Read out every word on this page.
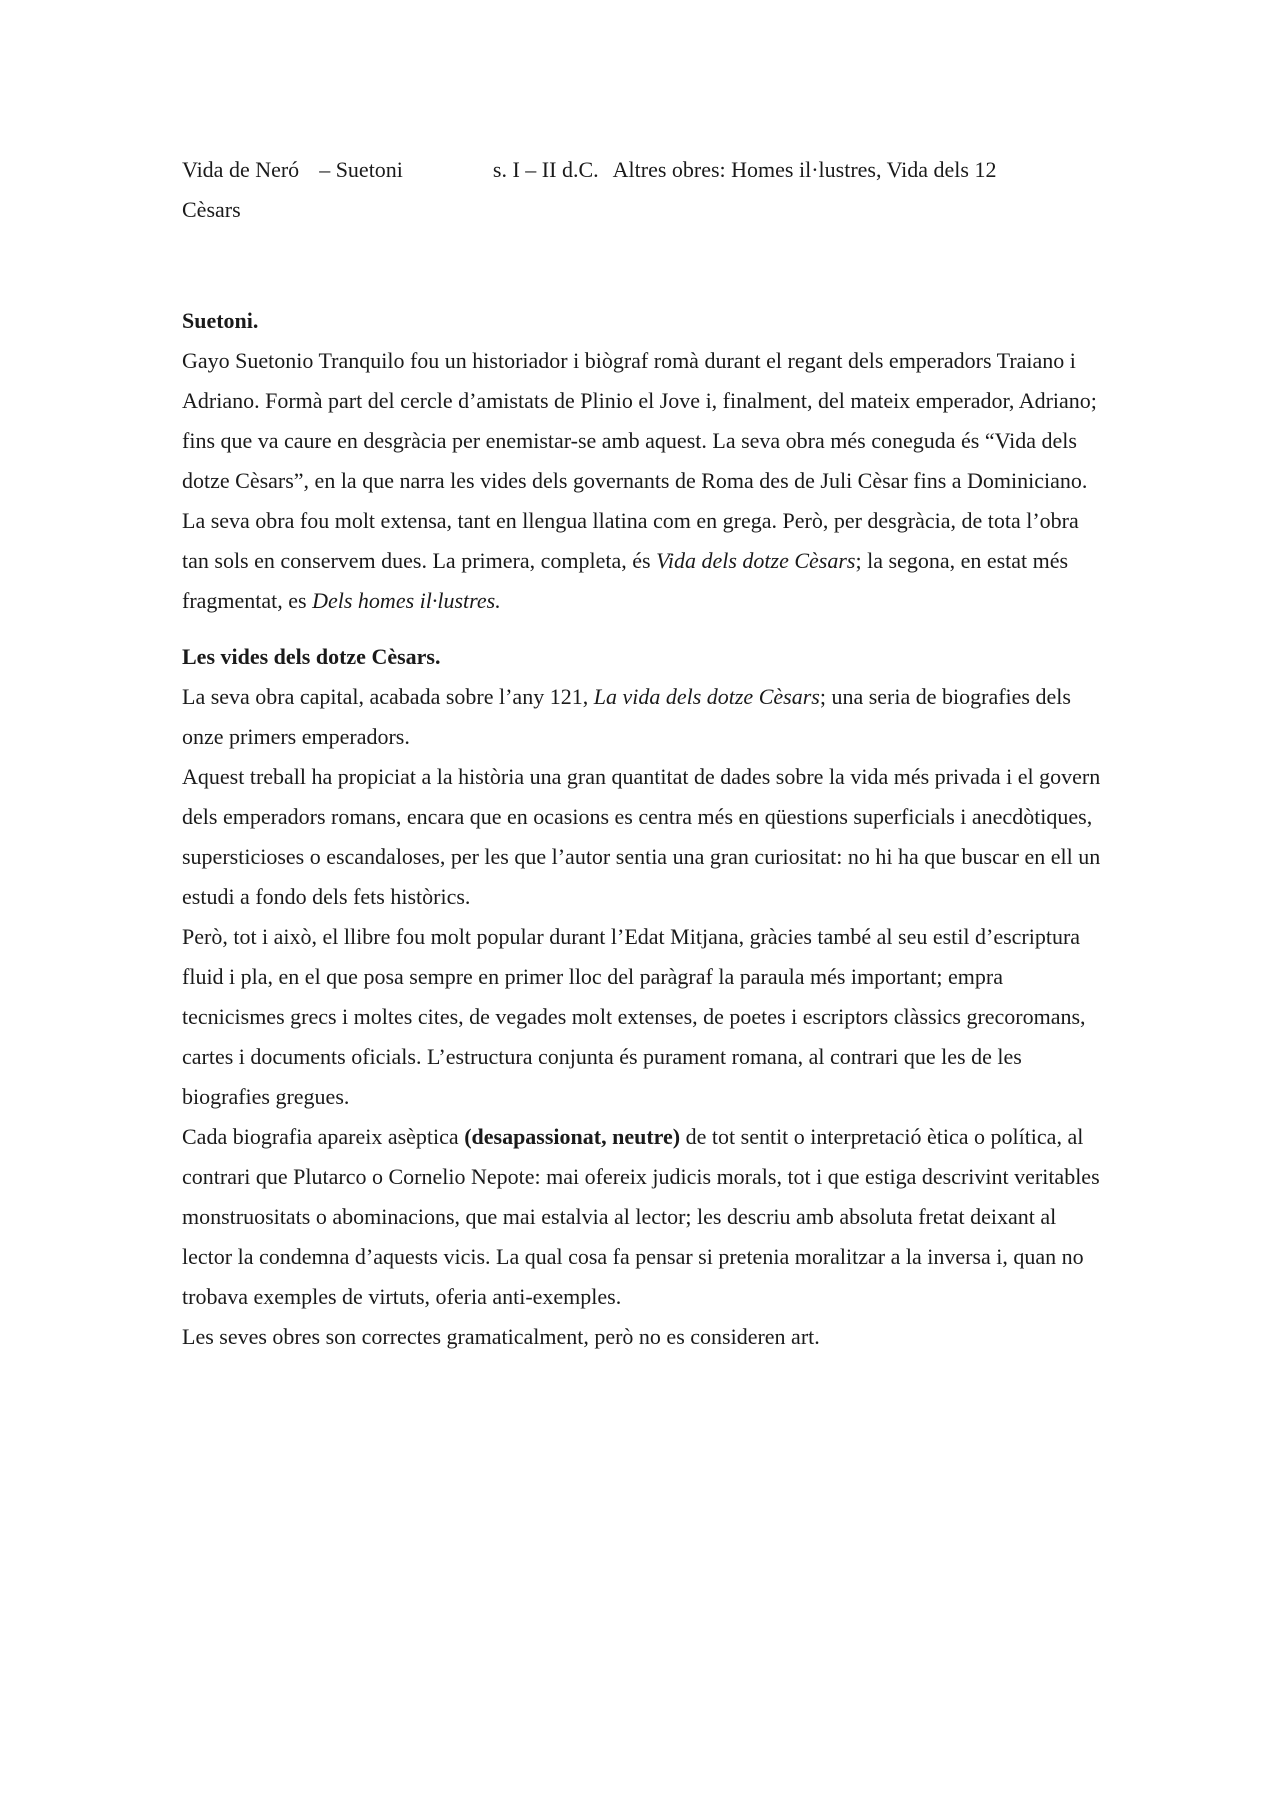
Vida de Neró – Suetoni	s. I – II d.C. Altres obres: Homes il·lustres, Vida dels 12
Cèsars

Suetoni.

Gayo Suetonio Tranquilo fou un historiador i biògraf romà durant el regant dels emperadors Traiano i Adriano. Formà part del cercle d’amistats de Plinio el Jove i, finalment, del mateix emperador, Adriano; fins que va caure en desgràcia per enemistar-se amb aquest. La seva obra més coneguda és “Vida dels dotze Cèsars”, en la que narra les vides dels governants de Roma des de Juli Cèsar fins a Dominiciano.

La seva obra fou molt extensa, tant en llengua llatina com en grega. Però, per desgràcia, de tota l’obra tan sols en conservem dues. La primera, completa, és Vida dels dotze Cèsars; la segona, en estat més fragmentat, es Dels homes il·lustres.

Les vides dels dotze Cèsars.

La seva obra capital, acabada sobre l’any 121, La vida dels dotze Cèsars; una seria de biografies dels onze primers emperadors.

Aquest treball ha propiciat a la història una gran quantitat de dades sobre la vida més privada i el govern dels emperadors romans, encara que en ocasions es centra més en qüestions superficials i anecdòtiques, supersticioses o escandaloses, per les que l’autor sentia una gran curiositat: no hi ha que buscar en ell un estudi a fondo dels fets històrics.

Però, tot i això, el llibre fou molt popular durant l’Edat Mitjana, gràcies també al seu estil d’escriptura fluid i pla, en el que posa sempre en primer lloc del paràgraf la paraula més important; empra tecnicismes grecs i moltes cites, de vegades molt extenses, de poetes i escriptors clàssics grecoromans, cartes i documents oficials. L’estructura conjunta és purament romana, al contrari que les de les biografies gregues.

Cada biografia apareix asèptica (desapassionat, neutre) de tot sentit o interpretació ètica o política, al contrari que Plutarco o Cornelio Nepote: mai ofereix judicis morals, tot i que estiga descrivint veritables monstruositats o abominacions, que mai estalvia al lector; les descriu amb absoluta fretat deixant al lector la condemna d’aquests vicis. La qual cosa fa pensar si pretenia moralitzar a la inversa i, quan no trobava exemples de virtuts, oferia anti-exemples.

Les seves obres son correctes gramaticalment, però no es consideren art.
